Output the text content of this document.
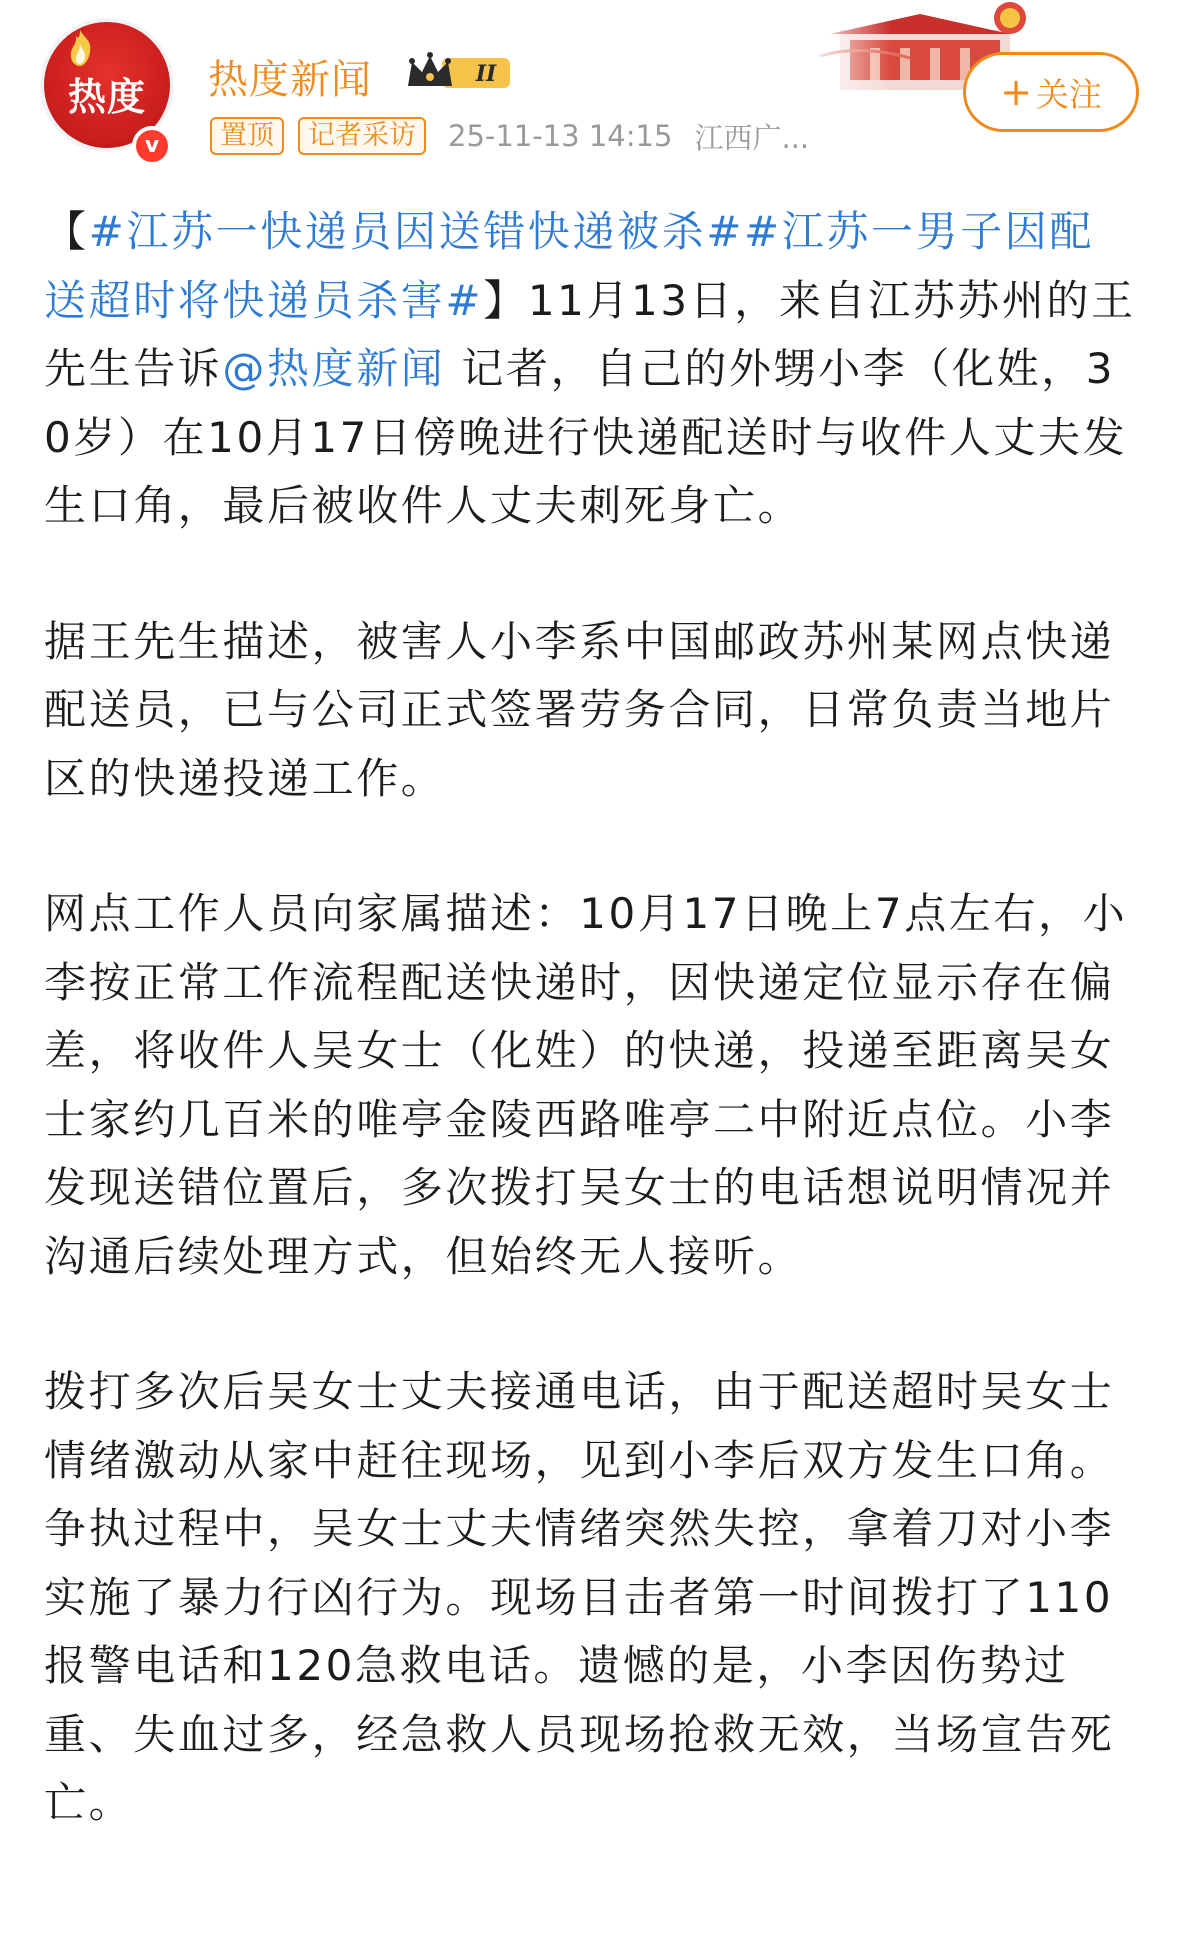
热度
v
热度新闻	II
置顶	记者采访	25-11-13 14:15 江西广...
+ 关注

【#江苏一快递员因送错快递被杀##江苏一男子因配送超时将快递员杀害#】11月13日，来自江苏苏州的王先生告诉@热度新闻 记者，自己的外甥小李（化姓，30岁）在10月17日傍晚进行快递配送时与收件人丈夫发生口角，最后被收件人丈夫刺死身亡。

据王先生描述，被害人小李系中国邮政苏州某网点快递配送员，已与公司正式签署劳务合同，日常负责当地片区的快递投递工作。

网点工作人员向家属描述：10月17日晚上7点左右，小李按正常工作流程配送快递时，因快递定位显示存在偏差，将收件人吴女士（化姓）的快递，投递至距离吴女士家约几百米的唯亭金陵西路唯亭二中附近点位。小李发现送错位置后，多次拨打吴女士的电话想说明情况并沟通后续处理方式，但始终无人接听。

拨打多次后吴女士丈夫接通电话，由于配送超时吴女士情绪激动从家中赶往现场，见到小李后双方发生口角。争执过程中，吴女士丈夫情绪突然失控，拿着刀对小李实施了暴力行凶行为。现场目击者第一时间拨打了110报警电话和120急救电话。遗憾的是，小李因伤势过重、失血过多，经急救人员现场抢救无效，当场宣告死亡。
